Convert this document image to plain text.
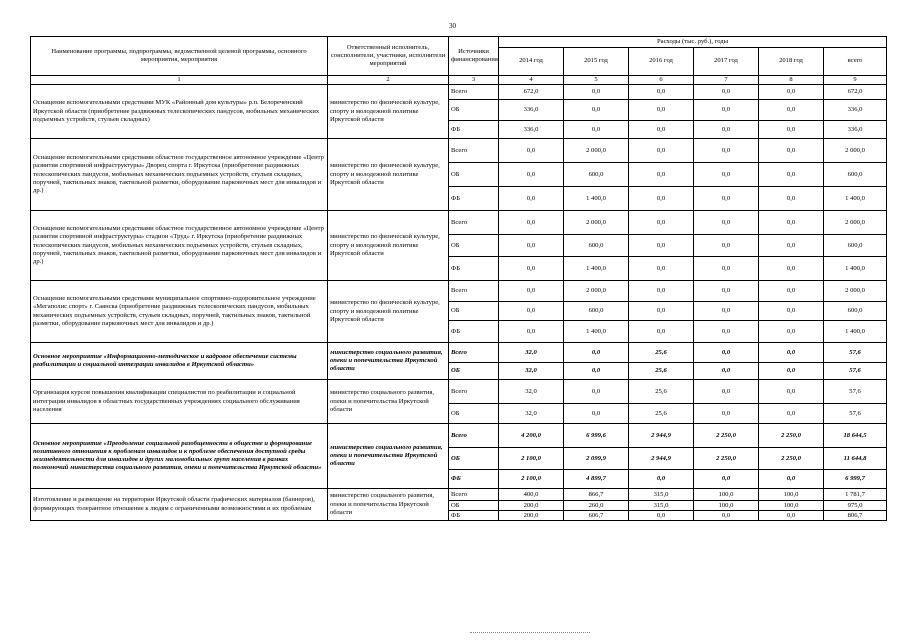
30
Наименование программы, подпрограммы, ведомственной целевой программы, основного мероприятия, мероприятия	Ответственный исполнитель, соисполнители, участники, исполнители мероприятий	Источники финансирования	Расходы (тыс. руб.), годы					
			2014 год	2015 год	2016 год	2017 год	2018 год	всего
1	2	3	4	5	6	7	8	9
Оснащение вспомогательными средствами МУК «Районный дом культуры» р.п. Белореченский Иркутской области (приобретение раздвижных телескопических пандусов, мобильных механических подъемных устройств, стульев складных)	министерство по физической культуре, спорту и молодежной политике Иркутской области	Всего	672,0	0,0	0,0	0,0	0,0	672,0
		ОБ	336,0	0,0	0,0	0,0	0,0	336,0
		ФБ	336,0	0,0	0,0	0,0	0,0	336,0
Оснащение вспомогательными средствами областное государственное автономное учреждение «Центр развития спортивной инфраструктуры» Дворец спорта г. Иркутска (приобретение раздвижных телескопических пандусов, мобильных механических подъемных устройств, стульев складных, поручней, тактильных знаков, тактильной разметки, оборудование парковочных мест для инвалидов и др.)	министерство по физической культуре, спорту и молодежной политике Иркутской области	Всего	0,0	2 000,0	0,0	0,0	0,0	2 000,0
		ОБ	0,0	600,0	0,0	0,0	0,0	600,0
		ФБ	0,0	1 400,0	0,0	0,0	0,0	1 400,0
Оснащение вспомогательными средствами областное государственное автономное учреждение «Центр развития спортивной инфраструктуры» стадион «Труд» г. Иркутска (приобретение раздвижных телескопических пандусов, мобильных механических подъемных устройств, стульев складных, поручней, тактильных знаков, тактильной разметки, оборудование парковочных мест для инвалидов и др.)	министерство по физической культуре, спорту и молодежной политике Иркутской области	Всего	0,0	2 000,0	0,0	0,0	0,0	2 000,0
		ОБ	0,0	600,0	0,0	0,0	0,0	600,0
		ФБ	0,0	1 400,0	0,0	0,0	0,0	1 400,0
Оснащение вспомогательными средствами муниципальное спортивно-оздоровительное учреждение «Мегаполис спорт» г. Саянска (приобретение раздвижных телескопических пандусов, мобильных механических подъемных устройств, стульев складных, поручней, тактильных знаков, тактильной разметки, оборудование парковочных мест для инвалидов и др.)	министерство по физической культуре, спорту и молодежной политике Иркутской области	Всего	0,0	2 000,0	0,0	0,0	0,0	2 000,0
		ОБ	0,0	600,0	0,0	0,0	0,0	600,0
		ФБ	0,0	1 400,0	0,0	0,0	0,0	1 400,0
Основное мероприятие «Информационно-методическое и кадровое обеспечение системы реабилитации и социальной интеграции инвалидов в Иркутской области»	министерство социального развития, опеки и попечительства Иркутской области	Всего	32,0	0,0	25,6	0,0	0,0	57,6
		ОБ	32,0	0,0	25,6	0,0	0,0	57,6
Организация курсов повышения квалификации специалистов по реабилитации и социальной интеграции инвалидов в областных государственных учреждениях социального обслуживания населения	министерство социального развития, опеки и попечительства Иркутской области	Всего	32,0	0,0	25,6	0,0	0,0	57,6
		ОБ	32,0	0,0	25,6	0,0	0,0	57,6
Основное мероприятие «Преодоление социальной разобщенности в обществе и формирование позитивного отношения к проблемам инвалидов и к проблеме обеспечения доступной среды жизнедеятельности для инвалидов и других маломобильных групп населения в рамках полномочий министерства социального развития, опеки и попечительства Иркутской области»	министерство социального развития, опеки и попечительства Иркутской области	Всего	4 200,0	6 999,6	2 944,9	2 250,0	2 250,0	18 644,5
		ОБ	2 100,0	2 099,9	2 944,9	2 250,0	2 250,0	11 644,8
		ФБ	2 100,0	4 899,7	0,0	0,0	0,0	6 999,7
Изготовление и размещение на территории Иркутской области графических материалов (баннеров), формирующих толерантное отношение к людям с ограниченными возможностями и их проблемам	министерство социального развития, опеки и попечительства Иркутской области	Всего	400,0	866,7	315,0	100,0	100,0	1 781,7
		ОБ	200,0	260,0	315,0	100,0	100,0	975,0
		ФБ	200,0	606,7	0,0	0,0	0,0	806,7
